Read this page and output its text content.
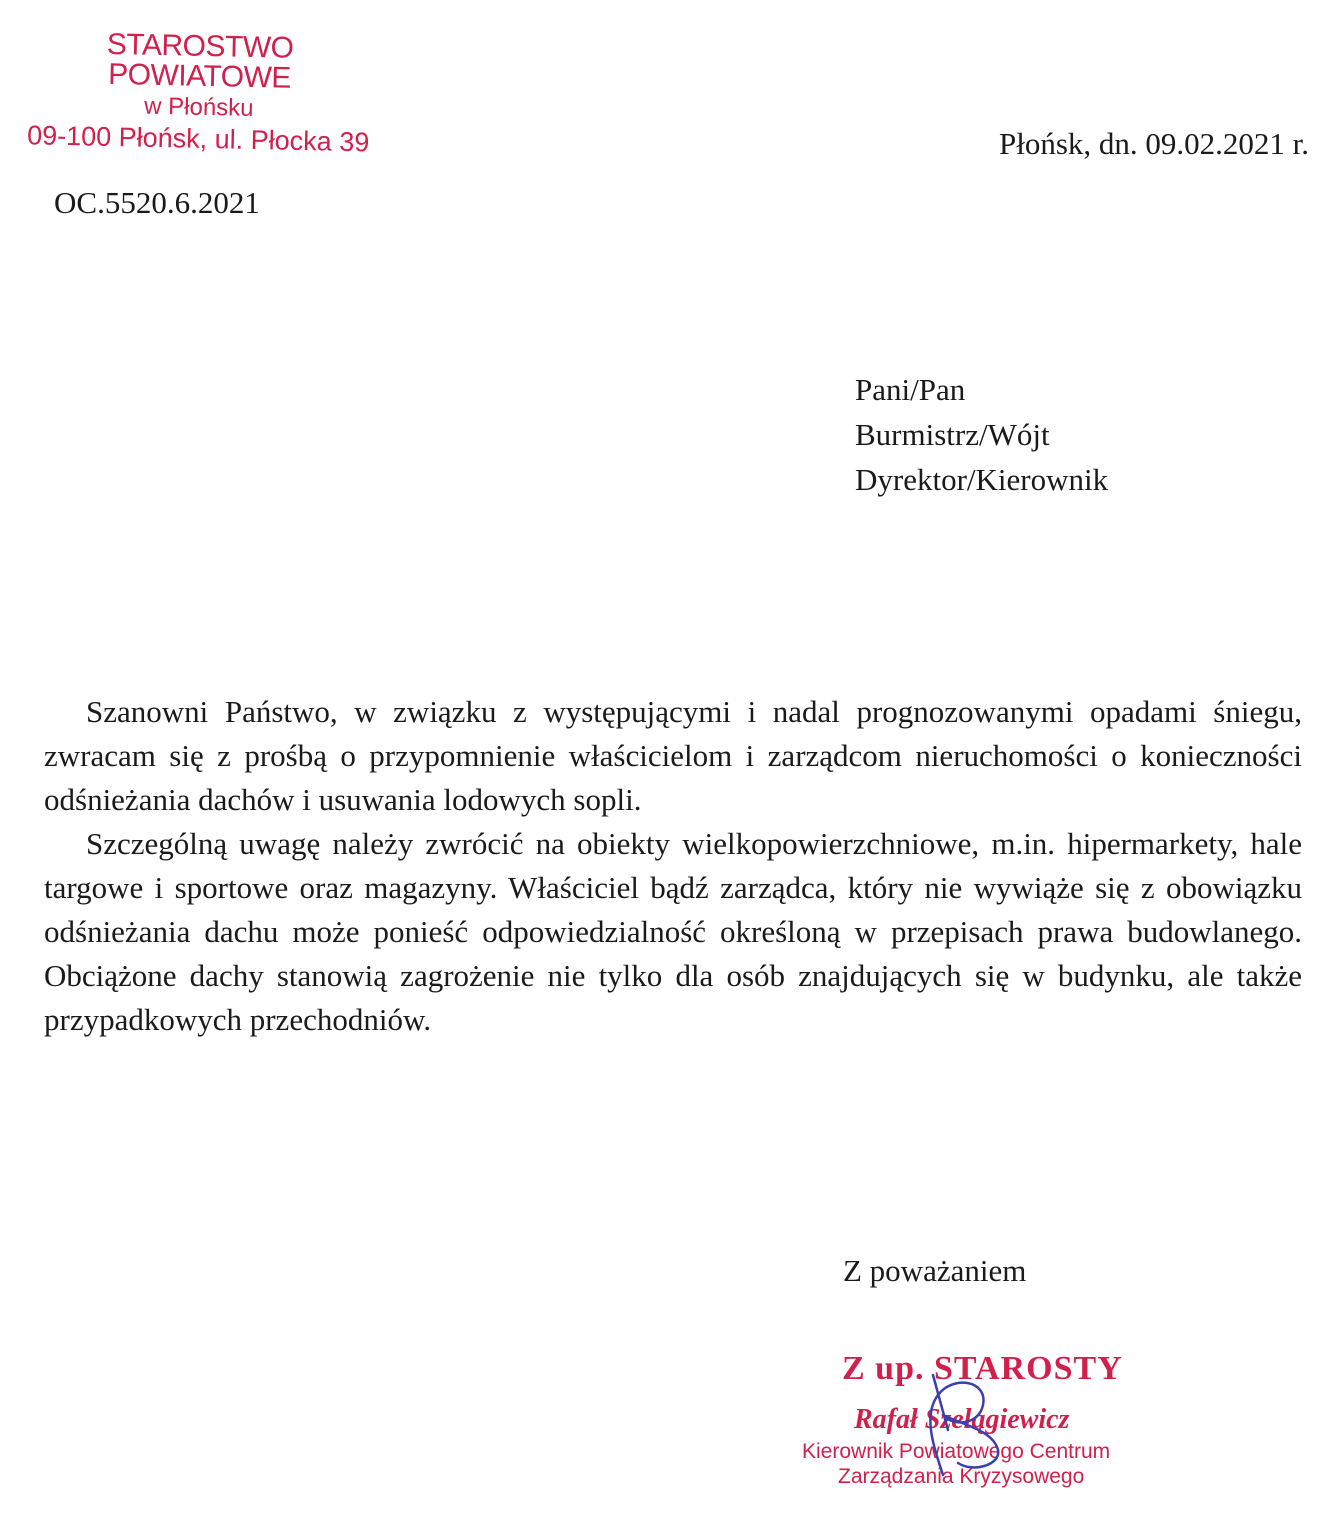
STAROSTWO POWIATOWE
w Płońsku
09-100 Płońsk, ul. Płocka 39	Płońsk, dn. 09.02.2021 r.
OC.5520.6.2021
Pani/Pan
Burmistrz/Wójt
Dyrektor/Kierownik

Szanowni Państwo, w związku z występującymi i nadal prognozowanymi opadami śniegu, zwracam się z prośbą o przypomnienie właścicielom i zarządcom nieruchomości o konieczności odśnieżania dachów i usuwania lodowych sopli.

Szczególną uwagę należy zwrócić na obiekty wielkopowierzchniowe, m.in. hipermarkety, hale targowe i sportowe oraz magazyny. Właściciel bądź zarządca, który nie wywiąże się z obowiązku odśnieżania dachu może ponieść odpowiedzialność określoną w przepisach prawa budowlanego. Obciążone dachy stanowią zagrożenie nie tylko dla osób znajdujących się w budynku, ale także przypadkowych przechodniów.

Z poważaniem
Z up. STAROSTY
Rafał Szelągiewicz
Kierownik Powiatowego Centrum
Zarządzania Kryzysowego
